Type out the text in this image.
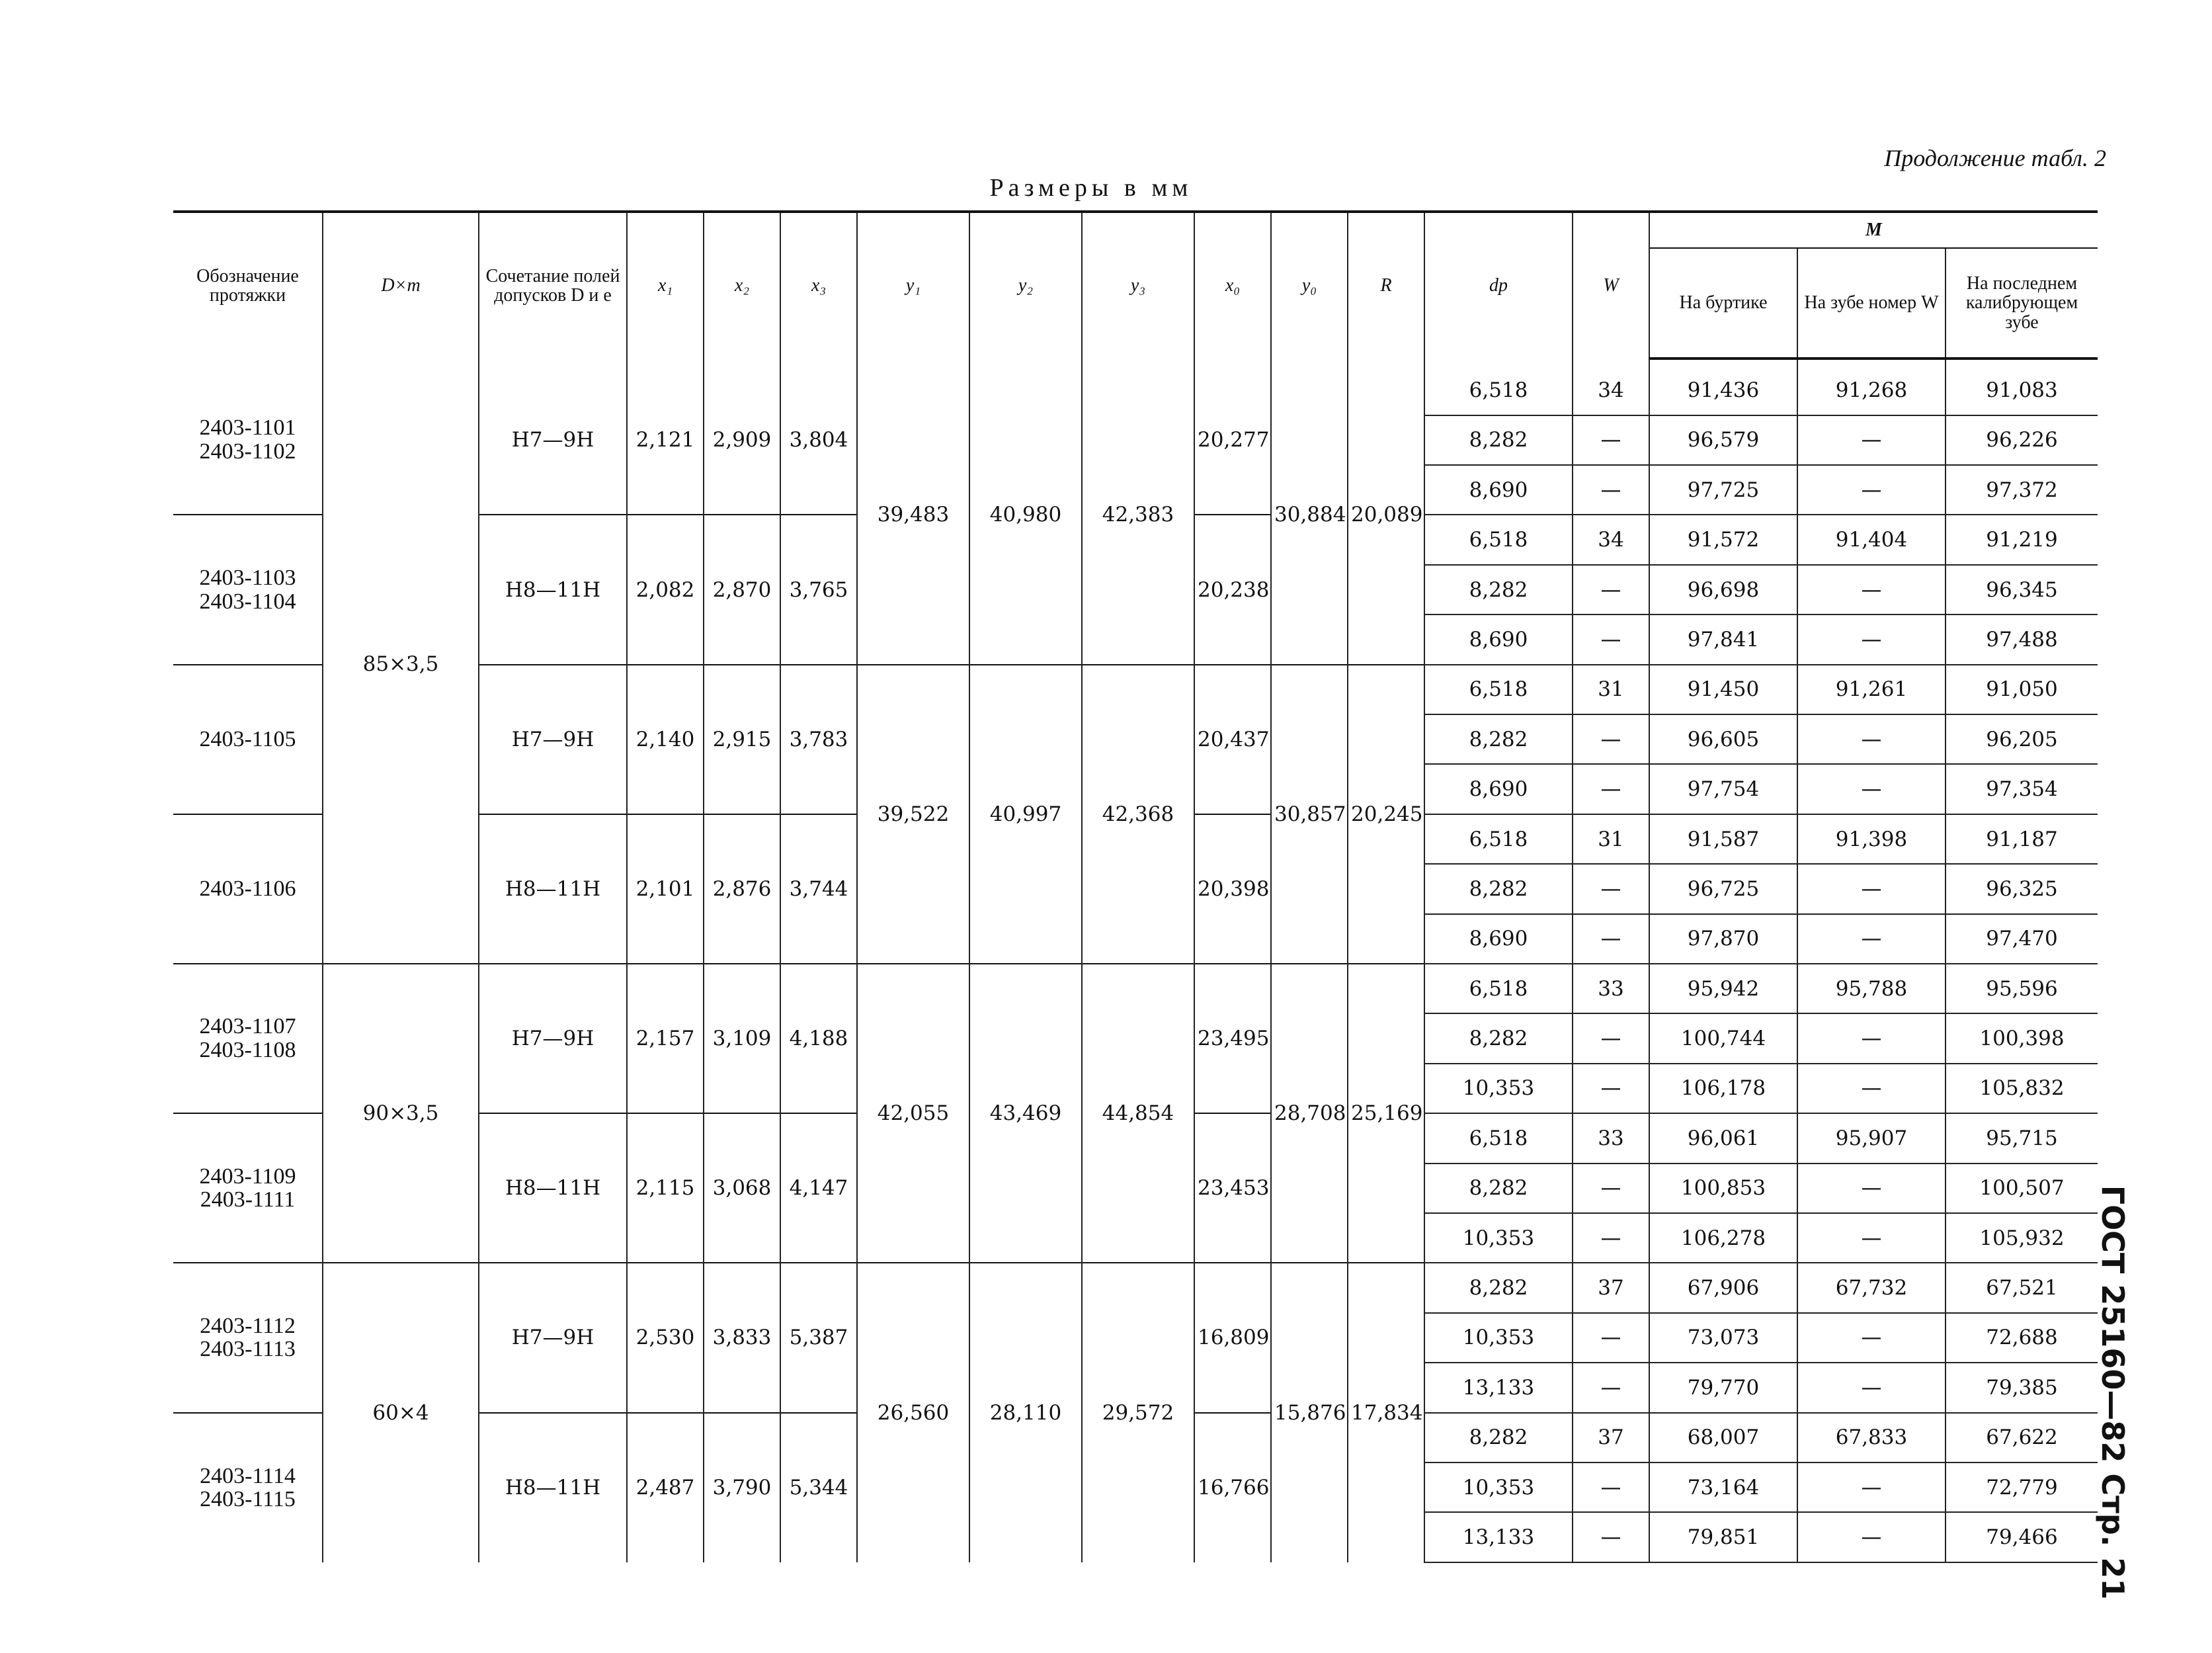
Продолжение табл. 2
Размеры в мм
ГОСТ 25160—82 Стр. 21
Обозначение протяжки	D×m	Сочетание полей допусков D и e	x₁	x₂	x₃	y₁	y₂	y₃	x₀	y₀	R	dp	W	M		
														На буртике	На зубе номер W	На последнем калибрующем зубе

2403-1101
2403-1102	85×3,5	H7—9H	2,121	2,909	3,804	39,483	40,980	42,383	20,277	30,884	20,089	6,518	34	91,436	91,268	91,083
												8,282	—	96,579	—	96,226
												8,690	—	97,725	—	97,372
2403-1103
2403-1104		H8—11H	2,082	2,870	3,765				20,238			6,518	34	91,572	91,404	91,219
												8,282	—	96,698	—	96,345
												8,690	—	97,841	—	97,488
2403-1105		H7—9H	2,140	2,915	3,783	39,522	40,997	42,368	20,437	30,857	20,245	6,518	31	91,450	91,261	91,050
												8,282	—	96,605	—	96,205
												8,690	—	97,754	—	97,354
2403-1106		H8—11H	2,101	2,876	3,744				20,398			6,518	31	91,587	91,398	91,187
												8,282	—	96,725	—	96,325
												8,690	—	97,870	—	97,470
2403-1107
2403-1108	90×3,5	H7—9H	2,157	3,109	4,188	42,055	43,469	44,854	23,495	28,708	25,169	6,518	33	95,942	95,788	95,596
												8,282	—	100,744	—	100,398
												10,353	—	106,178	—	105,832
2403-1109
2403-1111		H8—11H	2,115	3,068	4,147				23,453			6,518	33	96,061	95,907	95,715
												8,282	—	100,853	—	100,507
												10,353	—	106,278	—	105,932
2403-1112
2403-1113	60×4	H7—9H	2,530	3,833	5,387	26,560	28,110	29,572	16,809	15,876	17,834	8,282	37	67,906	67,732	67,521
												10,353	—	73,073	—	72,688
												13,133	—	79,770	—	79,385
2403-1114
2403-1115		H8—11H	2,487	3,790	5,344				16,766			8,282	37	68,007	67,833	67,622
												10,353	—	73,164	—	72,779
												13,133	—	79,851	—	79,466
